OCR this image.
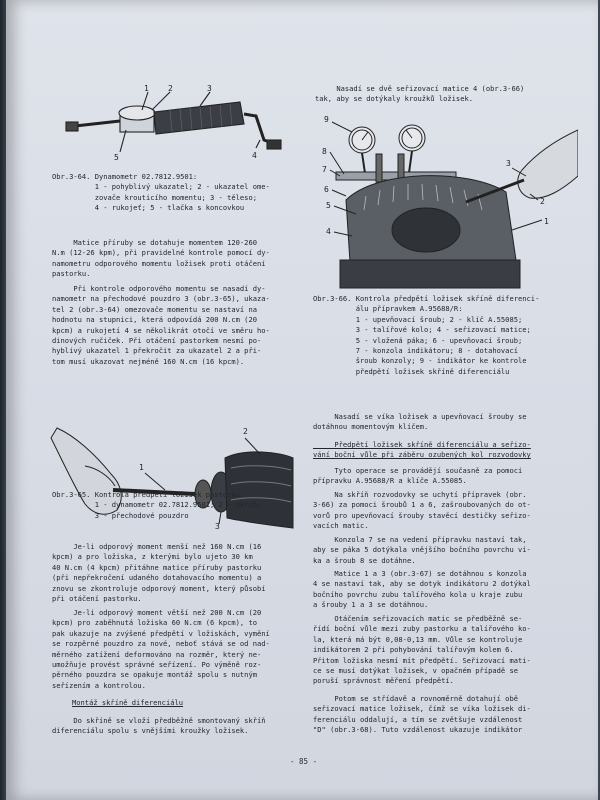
1 2	3
4
5

Obr.3-64. Dynamometr 02.7812.9501:

1 - pohyblivý ukazatel; 2 - ukazatel ome-

zovače krouticího momentu; 3 - těleso;

4 - rukojeť; 5 - tlačka s koncovkou

Matice příruby se dotahuje momentem 120-260

N.m (12-26 kpm), při pravidelné kontrole pomocí dy-

namometru odporového momentu ložisek proti otáčení

pastorku.

Při kontrole odporového momentu se nasadí dy-

namometr na přechodové pouzdro 3 (obr.3-65), ukaza-

tel 2 (obr.3-64) omezovače momentu se nastaví na

hodnotu na stupnici, která odpovídá 200 N.cm (20

kpcm) a rukojetí 4 se několikrát otočí ve směru ho-

dinových ručiček. Při otáčení pastorkem nesmí po-

hyblivý ukazatel 1 překročit za ukazatel 2 a při-

tom musí ukazovat nejméně 160 N.cm (16 kpcm).

1
2
3

Obr.3-65. Kontrola předpětí ložisek pastorku:

1 - dynamometr 02.7812.9501; 2 - skříň;

3 - přechodové pouzdro

Je-li odporový moment menší než 160 N.cm (16

kpcm) a pro ložiska, z kterými bylo ujeto 30 km

40 N.cm (4 kpcm) přitáhne matice příruby pastorku

(při nepřekročení udaného dotahovacího momentu) a

znovu se zkontroluje odporový moment, který působí

při otáčení pastorku.

Je-li odporový moment větší než 200 N.cm (20

kpcm) pro zaběhnutá ložiska 60 N.cm (6 kpcm), to

pak ukazuje na zvýšené předpětí v ložiskách, vymění

se rozpěrné pouzdro za nové, neboť stává se od nad-

měrného zatížení deformováno na rozměr, který ne-

umožňuje provést správné seřízení. Po výměně roz-

pěrného pouzdra se opakuje montáž spolu s nutným

seřízením a kontrolou.

Montáž skříně diferenciálu

Do skříně se vloží předběžně smontovaný skříň

diferenciálu spolu s vnějšími kroužky ložisek.

Nasadí se dvě seřizovací matice 4 (obr.3-66)

tak, aby se dotýkaly kroužků ložisek.

9
8
7
6
5
4
3
2
1

Obr.3-66. Kontrola předpětí ložisek skříně diferenci-

álu přípravkem A.95688/R:

1 - upevňovací šroub; 2 - klíč A.55085;

3 - talířové kolo; 4 - seřizovací matice;

5 - vložená páka; 6 - upevňovací šroub;

7 - konzola indikátoru; 8 - dotahovací

šroub konzoly; 9 - indikátor ke kontrole

předpětí ložisek skříně diferenciálu

Nasadí se víka ložisek a upevňovací šrouby se

dotáhnou momentovým klíčem.

Předpětí ložisek skříně diferenciálu a seřizo-

vání boční vůle při záběru ozubených kol rozvodovky

Tyto operace se provádějí současně za pomoci

přípravku A.95688/R a klíče A.55085.

Na skříň rozvodovky se uchytí přípravek (obr.

3-66) za pomoci šroubů 1 a 6, zašroubovaných do ot-

vorů pro upevňovací šrouby stavěcí destičky seřizo-

vacích matic.

Konzola 7 se na vedení přípravku nastaví tak,

aby se páka 5 dotýkala vnějšího bočního povrchu ví-

ka a šroub 8 se dotáhne.

Matice 1 a 3 (obr.3-67) se dotáhnou s konzola

4 se nastaví tak, aby se dotyk indikátoru 2 dotýkal

bočního povrchu zubu talířového kola u kraje zubu

a šrouby 1 a 3 se dotáhnou.

Otáčením seřizovacích matic se předběžně se-

řídí boční vůle mezi zuby pastorku a talířového ko-

la, která má být 0,08-0,13 mm. Vůle se kontroluje

indikátorem 2 při pohybování talířovým kolem 6.

Přitom ložiska nesmí mít předpětí. Seřizovací mati-

ce se musí dotýkat ložisek, v opačném případě se

poruší správnost měření předpětí.

Potom se střídavě a rovnoměrně dotahují obě

seřizovací matice ložisek, čímž se víka ložisek di-

ferenciálu oddalují, a tím se zvětšuje vzdálenost

"D" (obr.3-68). Tuto vzdálenost ukazuje indikátor

- 85 -
